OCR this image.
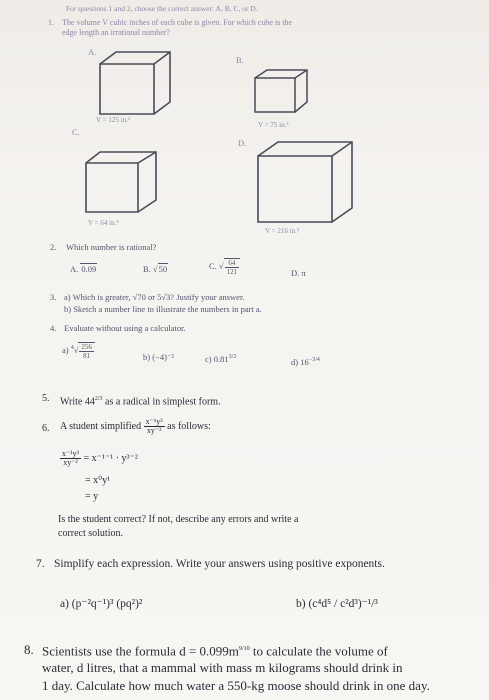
For questions 1 and 2, choose the correct answer: A, B, C, or D.
1. The volume V cubic inches of each cube is given. For which cube is the
edge length an irrational number?
A.
V = 125 in.³
B.
V = 75 in.³
C.
V = 64 in.³
D.
V = 216 in.³
2. Which number is rational?
A. 0.09	B. √50	C. √ $\frac{64}{121}$	D. π
3. a) Which is greater, √70 or 5√3? Justify your answer.
b) Sketch a number line to illustrate the numbers in part a.
4. Evaluate without using a calculator.
a) $^4√ \frac{256}{81}$	b) (−4)⁻²	c) $0.81^{3/2}$	d) $16^{-3/4}$
5. Write $44^{2/3}$ as a radical in simplest form.
6. A student simplified $\frac{\text{x⁻¹y³}}{\text{xy⁻²}}$ as follows:
$\frac{\text{x⁻¹y³}}{\text{xy⁻²}} = x^{-1-1} \cdot y^{3-2}$
= x⁰y¹
= y
Is the student correct? If not, describe any errors and write a
correct solution.
7. Simplify each expression. Write your answers using positive exponents.
a) (p⁻²q⁻¹)³ (pq²)²	b) (c⁴d⁵ / c²d³)⁻¹/³
8. Scientists use the formula $d = 0.099m^{9/10}$ to calculate the volume of
water, d litres, that a mammal with mass m kilograms should drink in
1 day. Calculate how much water a 550-kg moose should drink in one day.
